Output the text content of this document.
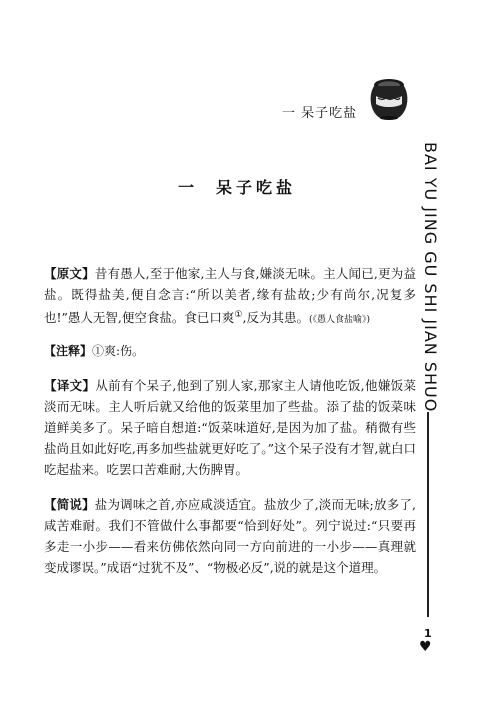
一 呆子吃盐
BAI YU JING GU SHI JIAN SHUO
1
♥
一 呆子吃盐
【原文】昔有愚人,至于他家,主人与食,嫌淡无味。主人闻已,更为益盐。既得盐美,便自念言:“所以美者,缘有盐故;少有尚尔,况复多也!”愚人无智,便空食盐。食已口爽①,反为其患。(《愚人食盐喻》)
【注释】①爽:伤。
【译文】从前有个呆子,他到了别人家,那家主人请他吃饭,他嫌饭菜淡而无味。主人听后就又给他的饭菜里加了些盐。添了盐的饭菜味道鲜美多了。呆子暗自想道:“饭菜味道好,是因为加了盐。稍微有些盐尚且如此好吃,再多加些盐就更好吃了。”这个呆子没有才智,就白口吃起盐来。吃罢口苦难耐,大伤脾胃。
【简说】盐为调味之首,亦应咸淡适宜。盐放少了,淡而无味;放多了,咸苦难耐。我们不管做什么事都要“恰到好处”。列宁说过:“只要再多走一小步——看来仿佛依然向同一方向前进的一小步——真理就变成谬误。”成语“过犹不及”、“物极必反”,说的就是这个道理。
